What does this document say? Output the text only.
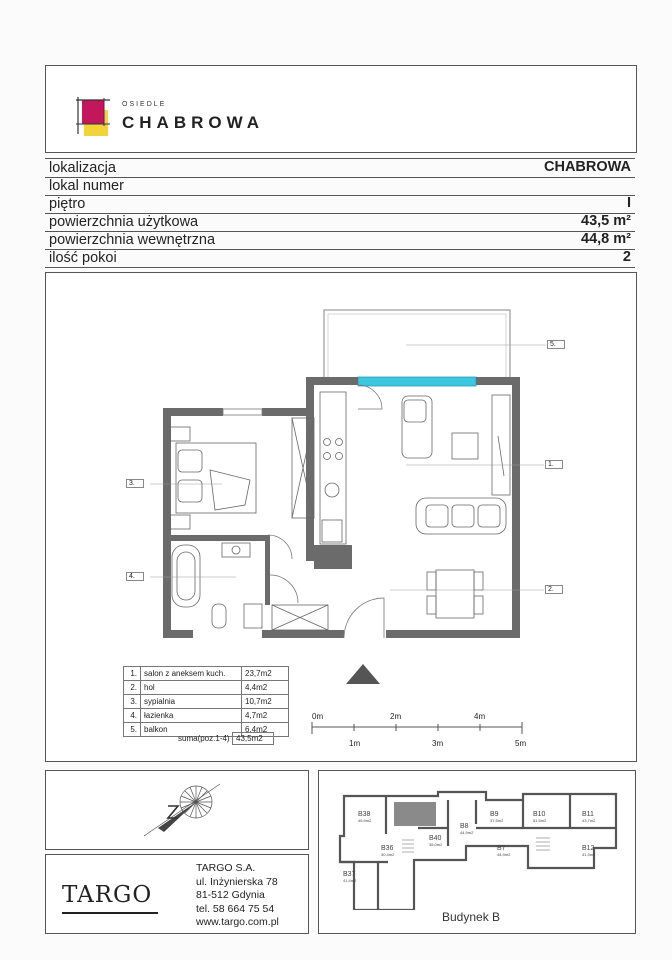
OSIEDLE
CHABROWA
lokalizacja	CHABROWA
lokal numer
piętro	I
powierzchnia użytkowa	43,5 m²
powierzchnia wewnętrzna	44,8 m²
ilość pokoi	2
3.
4.
1.
5.
2.
0m	2m	4m
1m	3m	5m
1.	salon z aneksem kuch.	23,7m2
2.	hol	4,4m2
3.	sypialnia	10,7m2
4.	łazienka	4,7m2
5.	balkon	6,4m2
suma(poz.1-4) 43,5m2
TARGO
TARGO S.A.
ul. Inżynierska 78
81-512 Gdynia
tel. 58 664 75 54
www.targo.com.pl
B38
45,9m2
B9
37,5m2
B10
51,5m2
B11
43,7m2
B8
44,9m2
B36
30,4m2
B40
35,0m2
B7
44,9m2
B12
41,3m2
B37
41,4m2
Budynek B
